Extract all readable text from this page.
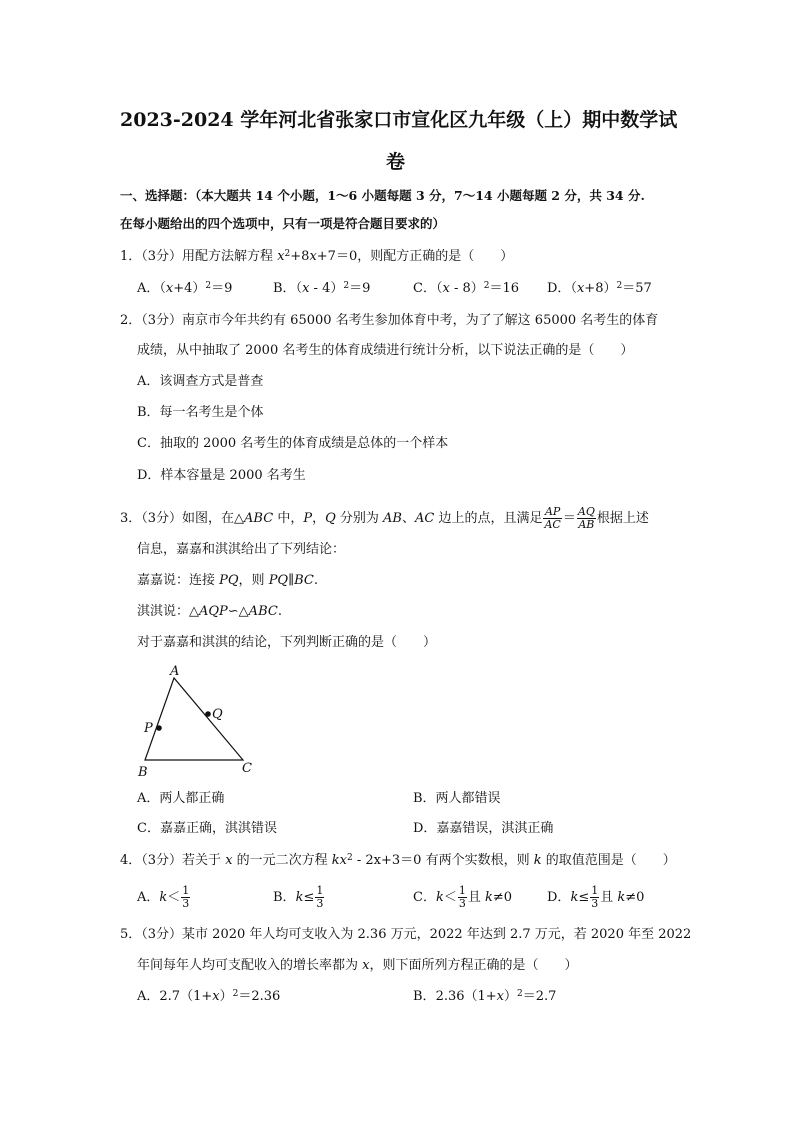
2023-2024 学年河北省张家口市宣化区九年级（上）期中数学试
卷
一、选择题：（本大题共 14 个小题，1～6 小题每题 3 分，7～14 小题每题 2 分，共 34 分.
在每小题给出的四个选项中，只有一项是符合题目要求的）
1．（3分）用配方法解方程 $x^2+8x+7=0$，则配方正确的是（　　）
A．$(x+4)^2=9$	B．（x - 4）$^2$＝9	C．（x - 8）$^2$＝16 D．$(x+8)^2=57$
2．（3分）南京市今年共约有 65000 名考生参加体育中考，为了了解这 65000 名考生的体育
成绩，从中抽取了 2000 名考生的体育成绩进行统计分析，以下说法正确的是（　　）
A．该调查方式是普查
B．每一名考生是个体
C．抽取的 2000 名考生的体育成绩是总体的一个样本
D．样本容量是 2000 名考生
3．（3分）如图，在△ABC 中，P，Q 分别为 AB、AC 边上的点，且满足 $\frac{AP}{AC} = \frac{AQ}{AB}$ 根据上述
信息，嘉嘉和淇淇给出了下列结论：
嘉嘉说：连接 PQ，则 PQ∥BC.
淇淇说：△AQP∽△ABC.
对于嘉嘉和淇淇的结论，下列判断正确的是（　　）
A
B	C
P
Q
A．两人都正确	B．两人都错误
C．嘉嘉正确，淇淇错误	D．嘉嘉错误，淇淇正确
4．（3分）若关于 x 的一元二次方程 $kx^2 - 2x+3=0$ 有两个实数根，则 k 的取值范围是（　　）
A．$k< \frac{1}{3}$	B．$k\le \frac{1}{3}$	C．$k< \frac{1}{3}$ 且 k≠0	D．$k\le \frac{1}{3}$ 且 k≠0
5．（3分）某市 2020 年人均可支收入为 2.36 万元，2022 年达到 2.7 万元，若 2020 年至 2022
年间每年人均可支配收入的增长率都为 x，则下面所列方程正确的是（　　）
A．$2.7(1+x)^2=2.36$	B．$2.36(1+x)^2=2.7$
